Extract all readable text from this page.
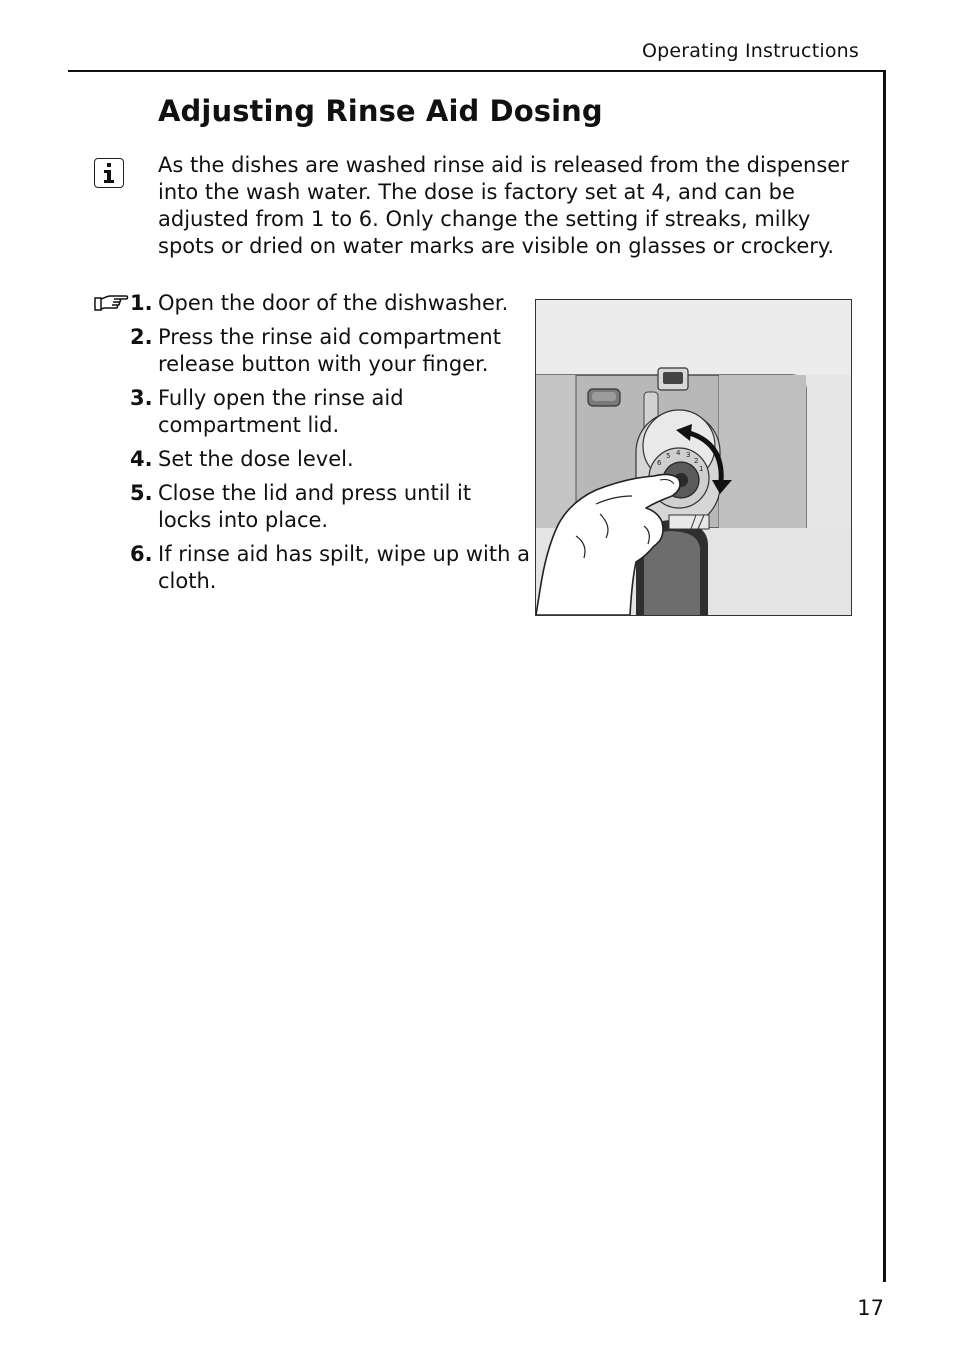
Operating Instructions
Adjusting Rinse Aid Dosing

As the dishes are washed rinse aid is released from the dispenser into the wash water. The dose is factory set at 4, and can be adjusted from 1 to 6. Only change the setting if streaks, milky spots or dried on water marks are visible on glasses or crockery.

1. Open the door of the dishwasher.
2. Press the rinse aid compartment release button with your finger.
3. Fully open the rinse aid compartment lid.
4. Set the dose level.
5. Close the lid and press until it locks into place.
6. If rinse aid has spilt, wipe up with a cloth.
6
5 4 3
2
1
17
